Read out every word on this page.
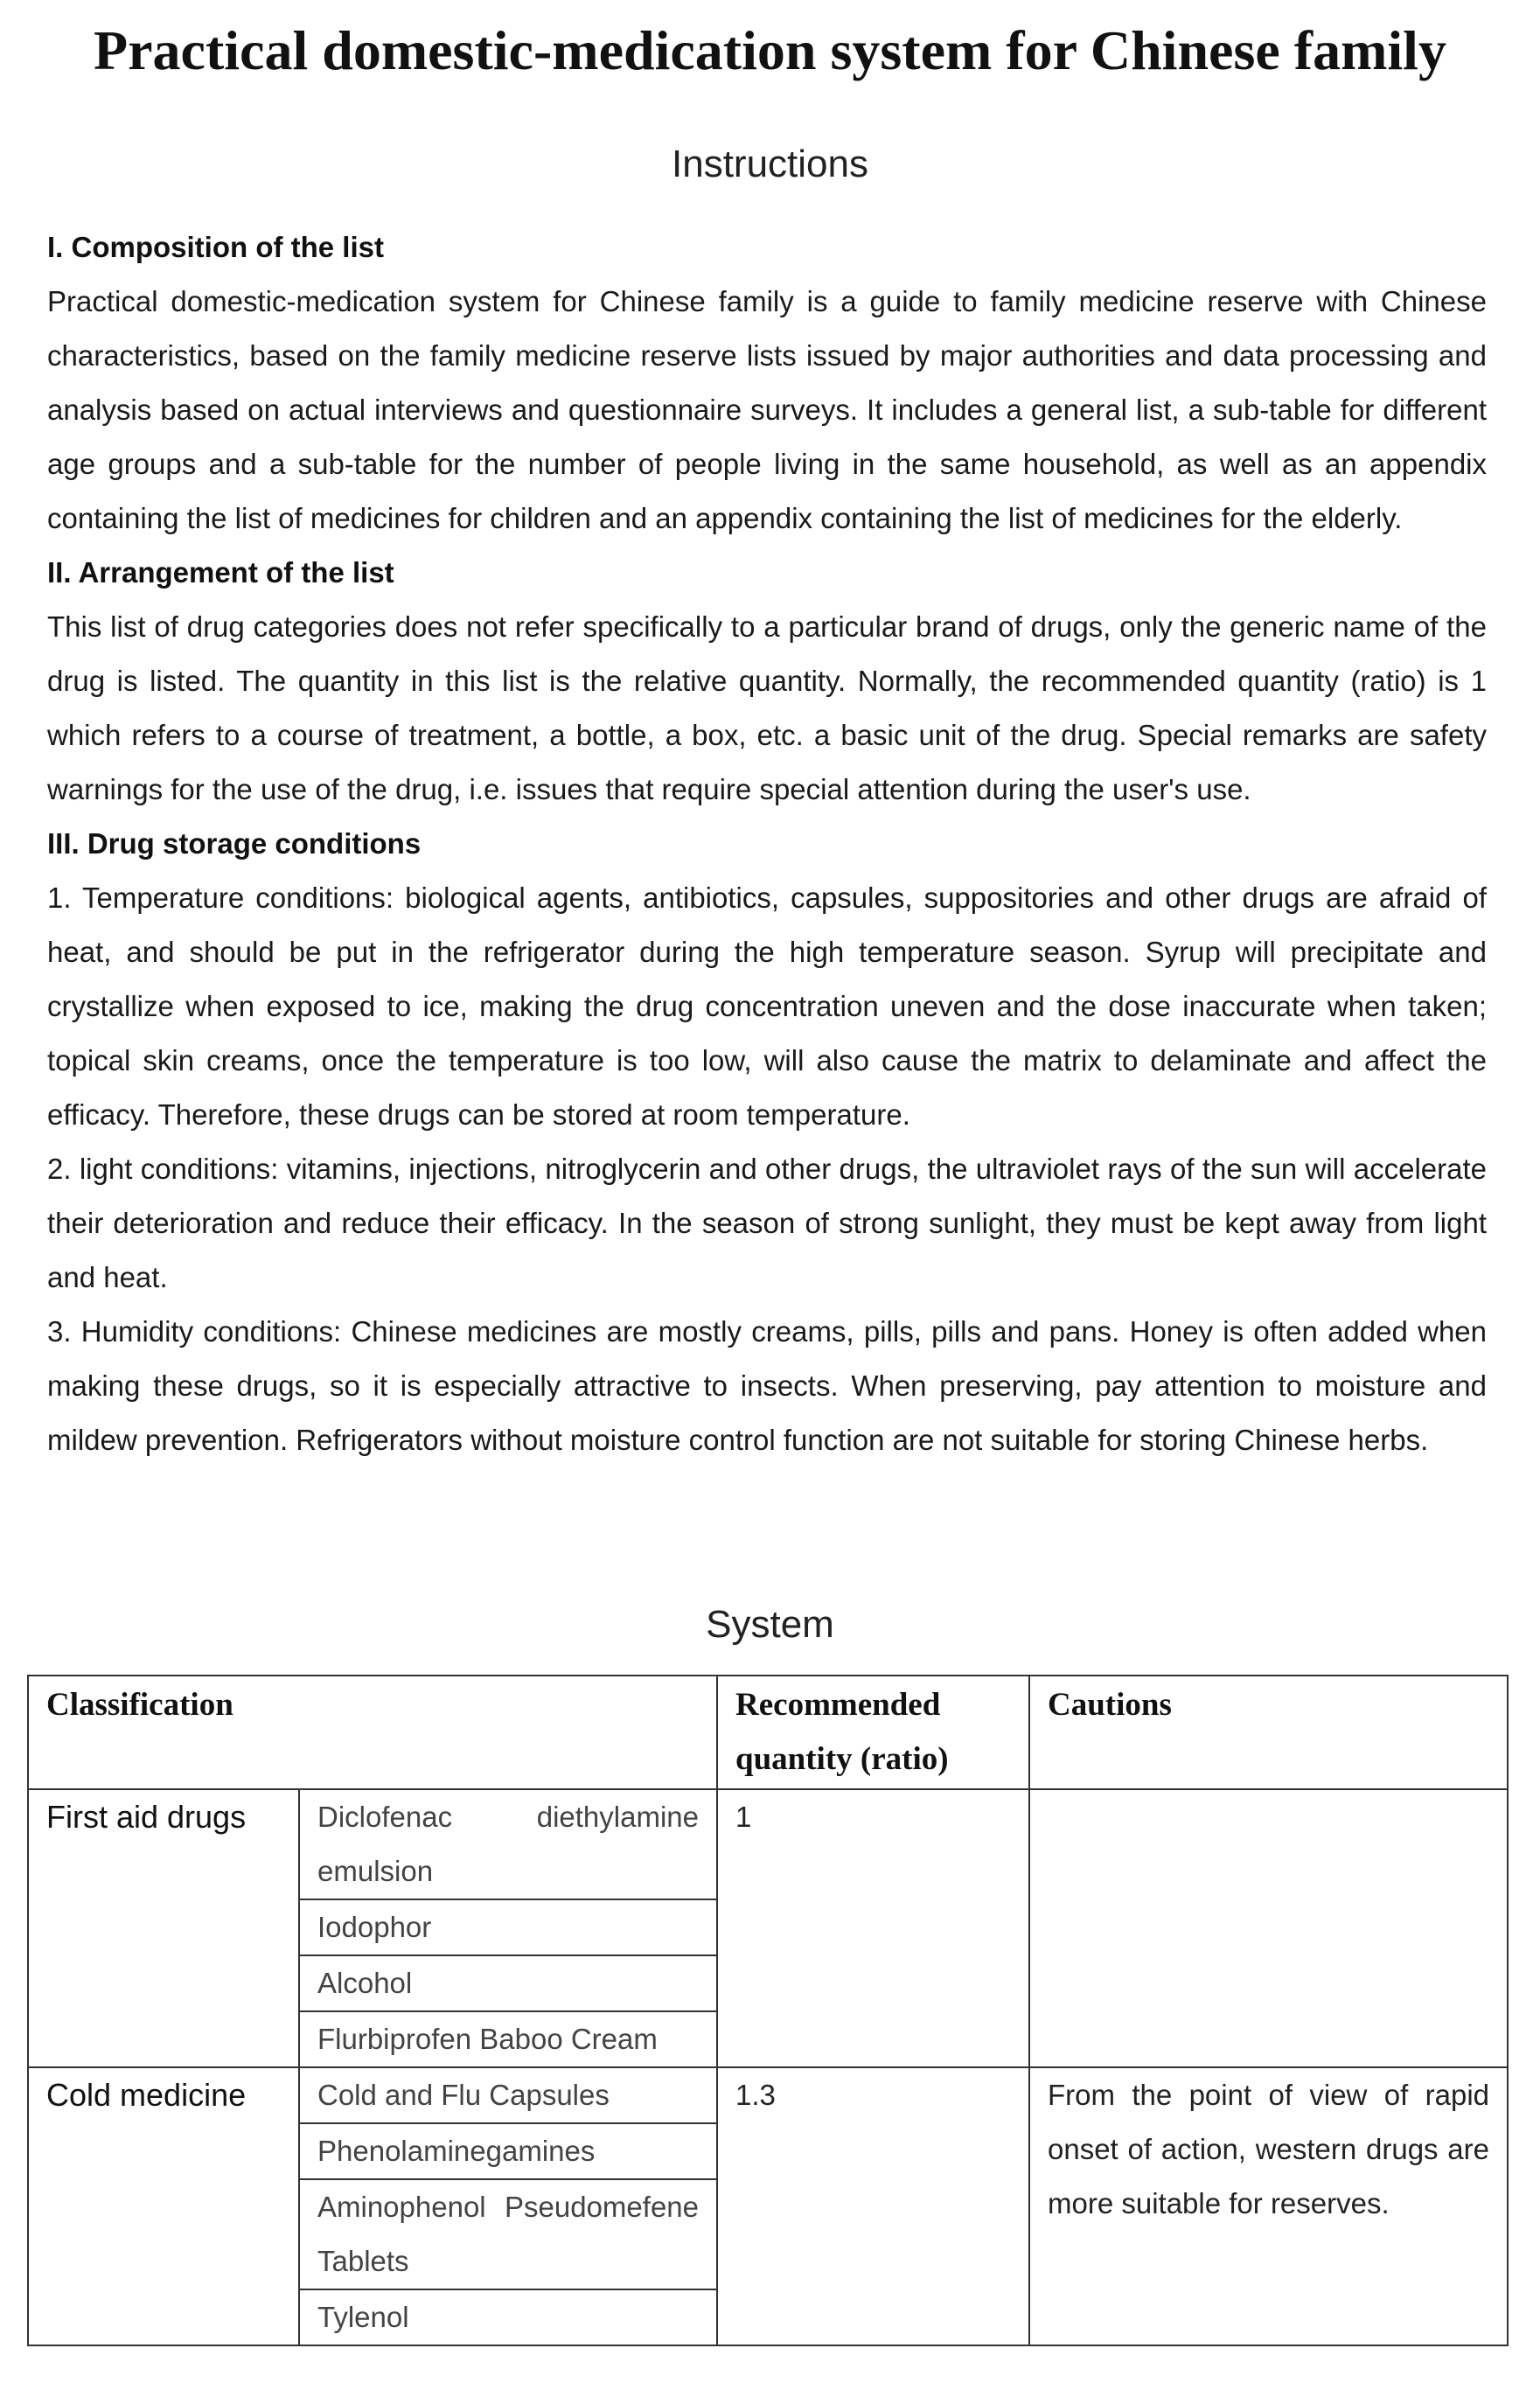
Practical domestic-medication system for Chinese family
Instructions

I. Composition of the list

Practical domestic-medication system for Chinese family is a guide to family medicine reserve with Chinese characteristics, based on the family medicine reserve lists issued by major authorities and data processing and analysis based on actual interviews and questionnaire surveys. It includes a general list, a sub-table for different age groups and a sub-table for the number of people living in the same household, as well as an appendix containing the list of medicines for children and an appendix containing the list of medicines for the elderly.

II. Arrangement of the list

This list of drug categories does not refer specifically to a particular brand of drugs, only the generic name of the drug is listed. The quantity in this list is the relative quantity. Normally, the recommended quantity (ratio) is 1 which refers to a course of treatment, a bottle, a box, etc. a basic unit of the drug. Special remarks are safety warnings for the use of the drug, i.e. issues that require special attention during the user's use.

III. Drug storage conditions

1. Temperature conditions: biological agents, antibiotics, capsules, suppositories and other drugs are afraid of heat, and should be put in the refrigerator during the high temperature season. Syrup will precipitate and crystallize when exposed to ice, making the drug concentration uneven and the dose inaccurate when taken; topical skin creams, once the temperature is too low, will also cause the matrix to delaminate and affect the efficacy. Therefore, these drugs can be stored at room temperature.

2. light conditions: vitamins, injections, nitroglycerin and other drugs, the ultraviolet rays of the sun will accelerate their deterioration and reduce their efficacy. In the season of strong sunlight, they must be kept away from light and heat.

3. Humidity conditions: Chinese medicines are mostly creams, pills, pills and pans. Honey is often added when making these drugs, so it is especially attractive to insects. When preserving, pay attention to moisture and mildew prevention. Refrigerators without moisture control function are not suitable for storing Chinese herbs.

System
Classification		Recommended quantity (ratio)	Cautions
First aid drugs	Diclofenac diethylamine emulsion	1	
	Iodophor		
	Alcohol		
	Flurbiprofen Baboo Cream		
Cold medicine	Cold and Flu Capsules	1.3	From the point of view of rapid onset of action, western drugs are more suitable for reserves.
	Phenolaminegamines		
	Aminophenol Pseudomefene Tablets		
	Tylenol		
